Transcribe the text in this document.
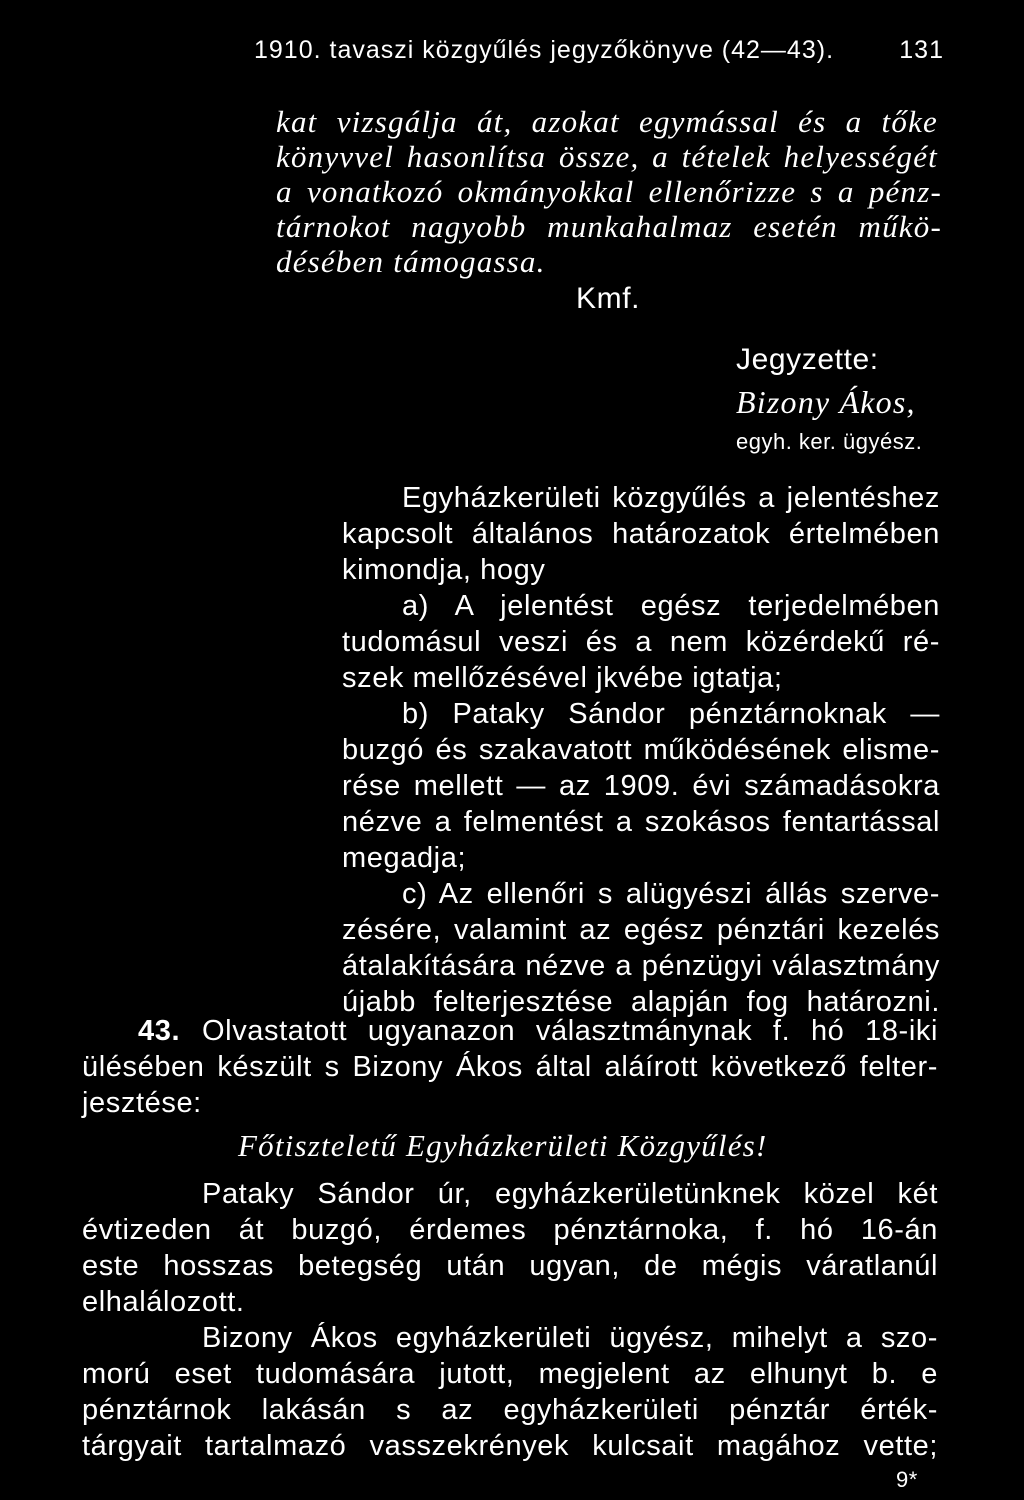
1910. tavaszi közgyűlés jegyzőkönyve (42—43).	131
kat vizsgálja át, azokat egymással és a tőke
könyvvel hasonlítsa össze, a tételek helyességét
a vonatkozó okmányokkal ellenőrizze s a pénz-
tárnokot nagyobb munkahalmaz esetén műkö-
désében támogassa.
Kmf.
Jegyzette:
Bizony Ákos,
egyh. ker. ügyész.
Egyházkerületi közgyűlés a jelentéshez
kapcsolt általános határozatok értelmében
kimondja, hogy
a) A jelentést egész terjedelmében
tudomásul veszi és a nem közérdekű ré-
szek mellőzésével jkvébe igtatja;
b) Pataky Sándor pénztárnoknak —
buzgó és szakavatott működésének elisme-
rése mellett — az 1909. évi számadásokra
nézve a felmentést a szokásos fentartással
megadja;
c) Az ellenőri s alügyészi állás szerve-
zésére, valamint az egész pénztári kezelés
átalakítására nézve a pénzügyi választmány
újabb felterjesztése alapján fog határozni.
43. Olvastatott ugyanazon választmánynak f. hó 18-iki
ülésében készült s Bizony Ákos által aláírott következő felter-
jesztése:
Főtiszteletű Egyházkerületi Közgyűlés!
Pataky Sándor úr, egyházkerületünknek közel két
évtizeden át buzgó, érdemes pénztárnoka, f. hó 16-án
este hosszas betegség után ugyan, de mégis váratlanúl
elhalálozott.
Bizony Ákos egyházkerületi ügyész, mihelyt a szo-
morú eset tudomására jutott, megjelent az elhunyt b. e
pénztárnok lakásán s az egyházkerületi pénztár érték-
tárgyait tartalmazó vasszekrények kulcsait magához vette;
9*
